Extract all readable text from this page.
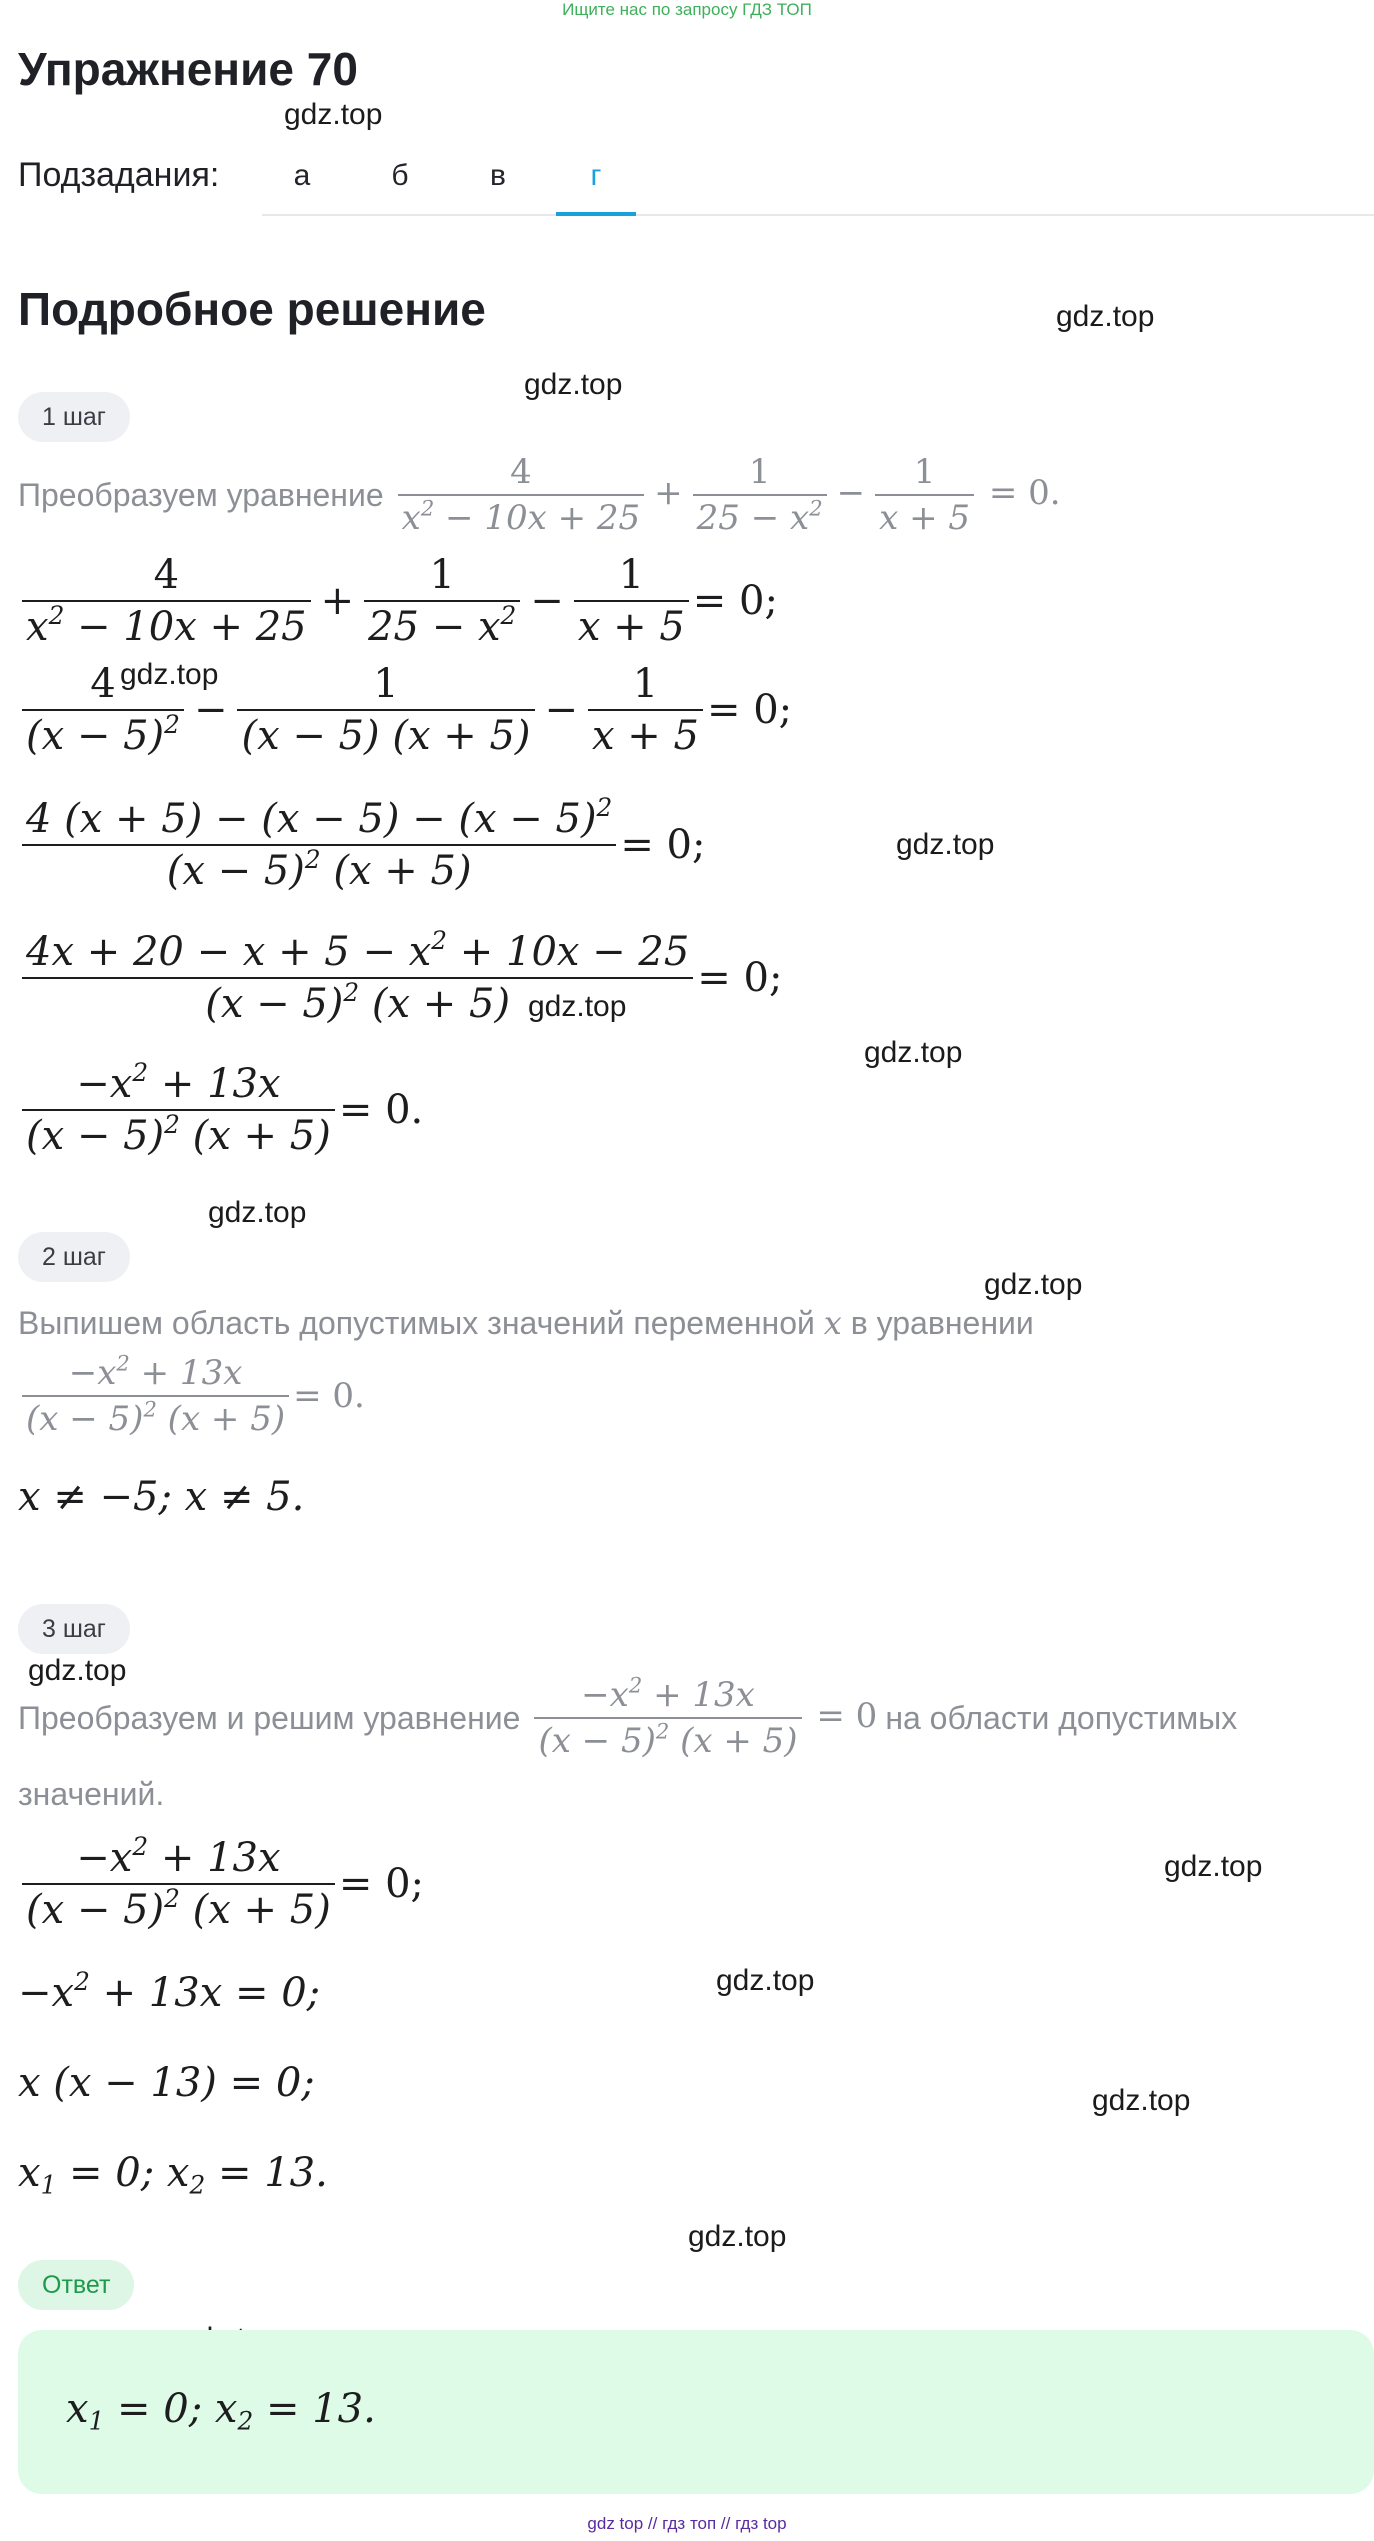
Ищите нас по запросу ГДЗ ТОП
Упражнение 70
gdz.top
Подзадания:	а	б	в	г
Подробное решение	gdz.top
gdz.top
gdz.top
gdz.top
gdz.top
gdz.top
gdz.top
gdz.top
gdz.top
gdz.top
gdz.top
gdz.top
gdz.top
1 шаг
Преобразуем уравнение $\frac{4}{x^2 - 10x + 25} + \frac{1}{25 - x^2} - \frac{1}{x + 5} = 0$.
$\frac{4}{x^2 - 10x + 25} + \frac{1}{25 - x^2} - \frac{1}{x + 5} = 0$;
$\frac{4}{(x - 5)^2} - \frac{1}{(x - 5) (x + 5)} - \frac{1}{x + 5} = 0$;
$\frac{4 (x + 5) - (x - 5) - (x - 5)^2}{(x - 5)^2 (x + 5)} = 0$;
$\frac{4x + 20 - x + 5 - x^2 + 10x - 25}{(x - 5)^2 (x + 5)} = 0$;
$\frac{-x^2 + 13x}{(x - 5)^2 (x + 5)} = 0$.
2 шаг
Выпишем область допустимых значений переменной x в уравнении
$\frac{-x^2 + 13x}{(x - 5)^2 (x + 5)} = 0$.
x ≠ −5; x ≠ 5.
3 шаг
Преобразуем и решим уравнение $\frac{-x^2 + 13x}{(x - 5)^2 (x + 5)} = 0$ на области допустимых
значений.
$\frac{-x^2 + 13x}{(x - 5)^2 (x + 5)} = 0$;
$-x^2 + 13x = 0$;
x (x − 13) = 0;
$x_1 = 0$; $x_2 = 13$.
Ответ
$x_1 = 0$; $x_2 = 13$.
gdz top // гдз топ // гдз top
